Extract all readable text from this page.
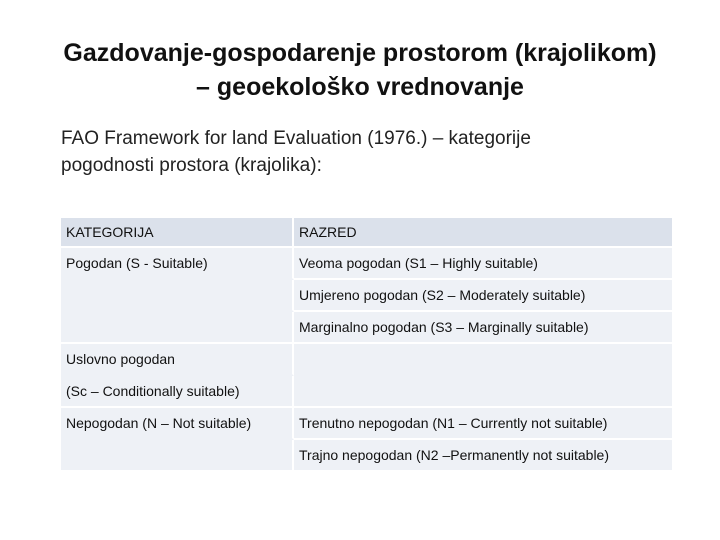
Gazdovanje-gospodarenje prostorom (krajolikom)
– geoekološko vrednovanje

FAO Framework for land Evaluation (1976.) – kategorije
pogodnosti prostora (krajolika):

KATEGORIJA	RAZRED
Pogodan (S - Suitable)	Veoma pogodan (S1 – Highly suitable)
	Umjereno pogodan (S2 – Moderately suitable)
	Marginalno pogodan (S3 – Marginally suitable)
Uslovno pogodan	
(Sc – Conditionally suitable)	
Nepogodan (N – Not suitable)	Trenutno nepogodan (N1 – Currently not suitable)
	Trajno nepogodan (N2 –Permanently not suitable)
